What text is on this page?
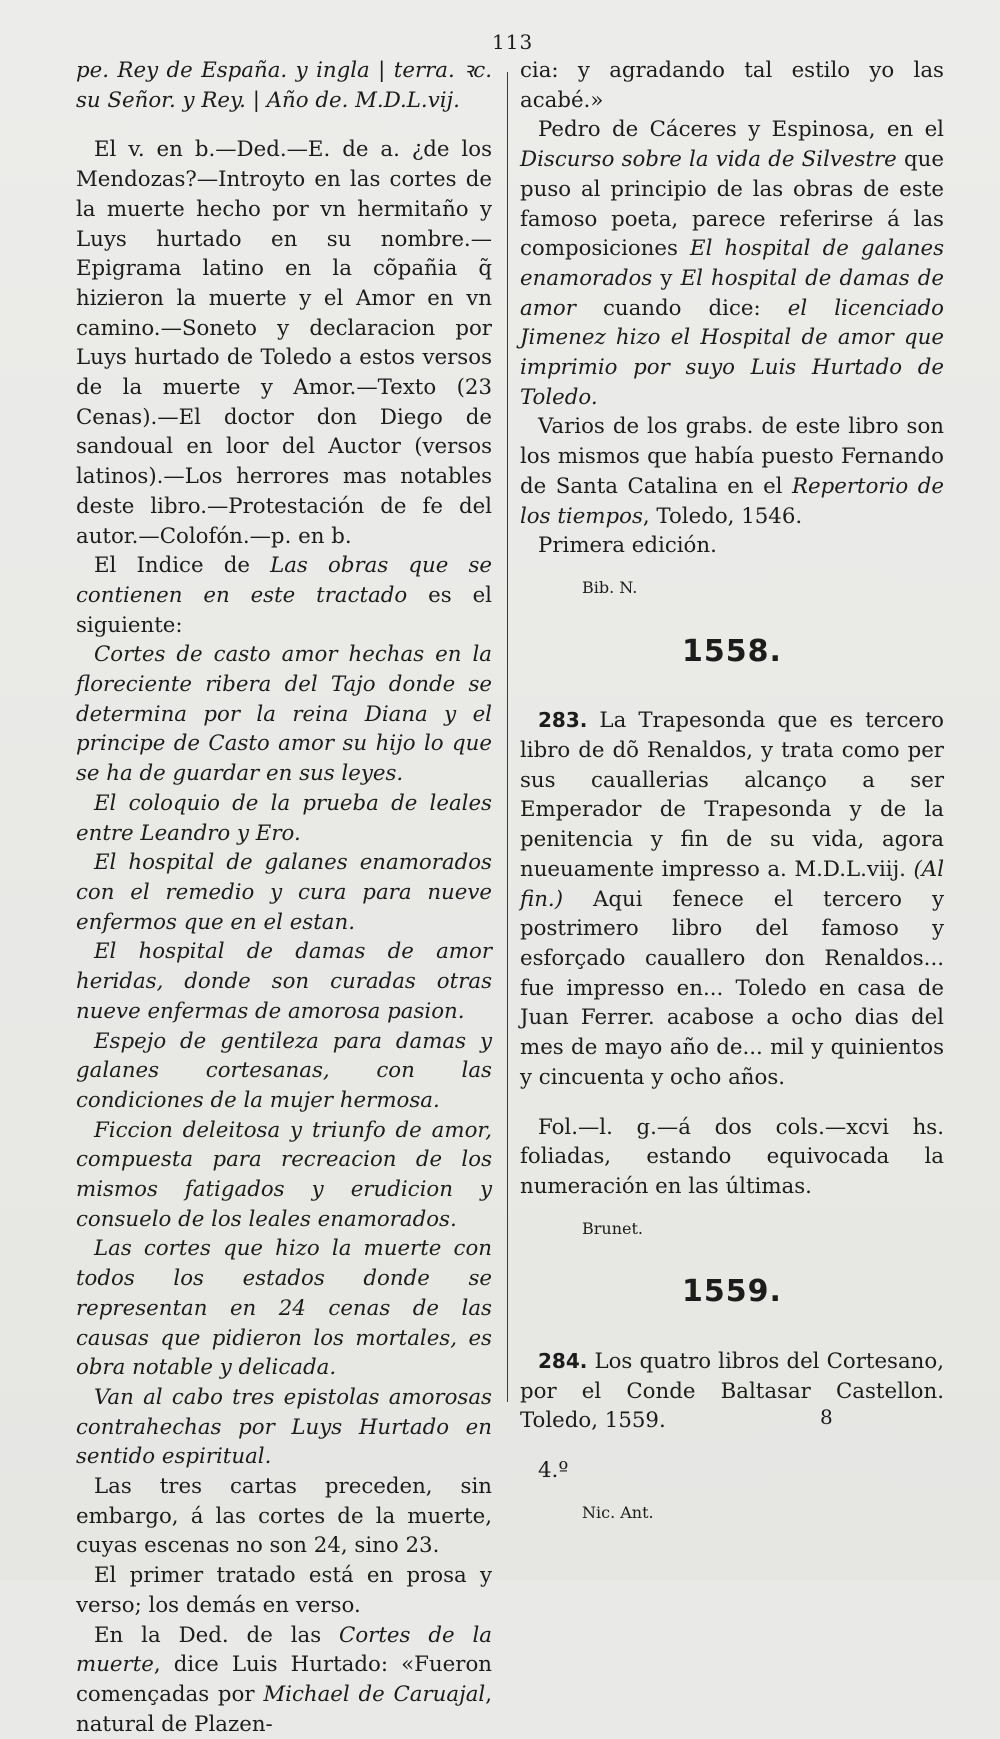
113

pe. Rey de España. y ingla | terra. ꝛc. su Señor. y Rey. | Año de. M.D.L.vij.

El v. en b.—Ded.—E. de a. ¿de los Mendozas?—Introyto en las cortes de la muerte hecho por vn hermitaño y Luys hurtado en su nombre.—Epigrama latino en la cõpañia q̃ hizieron la muerte y el Amor en vn camino.—Soneto y declaracion por Luys hurtado de Toledo a estos versos de la muerte y Amor.—Texto (23 Cenas).—El doctor don Diego de sandoual en loor del Auctor (versos latinos).—Los herrores mas notables deste libro.—Protestación de fe del autor.—Colofón.—p. en b.

El Indice de Las obras que se contienen en este tractado es el siguiente:

Cortes de casto amor hechas en la floreciente ribera del Tajo donde se determina por la reina Diana y el principe de Casto amor su hijo lo que se ha de guardar en sus leyes.

El coloquio de la prueba de leales entre Leandro y Ero.

El hospital de galanes enamorados con el remedio y cura para nueve enfermos que en el estan.

El hospital de damas de amor heridas, donde son curadas otras nueve enfermas de amorosa pasion.

Espejo de gentileza para damas y galanes cortesanas, con las condiciones de la mujer hermosa.

Ficcion deleitosa y triunfo de amor, compuesta para recreacion de los mismos fatigados y erudicion y consuelo de los leales enamorados.

Las cortes que hizo la muerte con todos los estados donde se representan en 24 cenas de las causas que pidieron los mortales, es obra notable y delicada.

Van al cabo tres epistolas amorosas contrahechas por Luys Hurtado en sentido espiritual.

Las tres cartas preceden, sin embargo, á las cortes de la muerte, cuyas escenas no son 24, sino 23.

El primer tratado está en prosa y verso; los demás en verso.

En la Ded. de las Cortes de la muerte, dice Luis Hurtado: «Fueron començadas por Michael de Caruajal, natural de Plazen-

cia: y agradando tal estilo yo las acabé.»

Pedro de Cáceres y Espinosa, en el Discurso sobre la vida de Silvestre que puso al principio de las obras de este famoso poeta, parece referirse á las composiciones El hospital de galanes enamorados y El hospital de damas de amor cuando dice: el licenciado Jimenez hizo el Hospital de amor que imprimio por suyo Luis Hurtado de Toledo.

Varios de los grabs. de este libro son los mismos que había puesto Fernando de Santa Catalina en el Repertorio de los tiempos, Toledo, 1546.

Primera edición.

Bib. N.

1558.

283. La Trapesonda que es tercero libro de dõ Renaldos, y trata como per sus cauallerias alcanço a ser Emperador de Trapesonda y de la penitencia y fin de su vida, agora nueuamente impresso a. M.D.L.viij. (Al fin.) Aqui fenece el tercero y postrimero libro del famoso y esforçado cauallero don Renaldos... fue impresso en... Toledo en casa de Juan Ferrer. acabose a ocho dias del mes de mayo año de... mil y quinientos y cincuenta y ocho años.

Fol.—l. g.—á dos cols.—xcvi hs. foliadas, estando equivocada la numeración en las últimas.

Brunet.

1559.

284. Los quatro libros del Cortesano, por el Conde Baltasar Castellon. Toledo, 1559.

4.º

Nic. Ant.

8
